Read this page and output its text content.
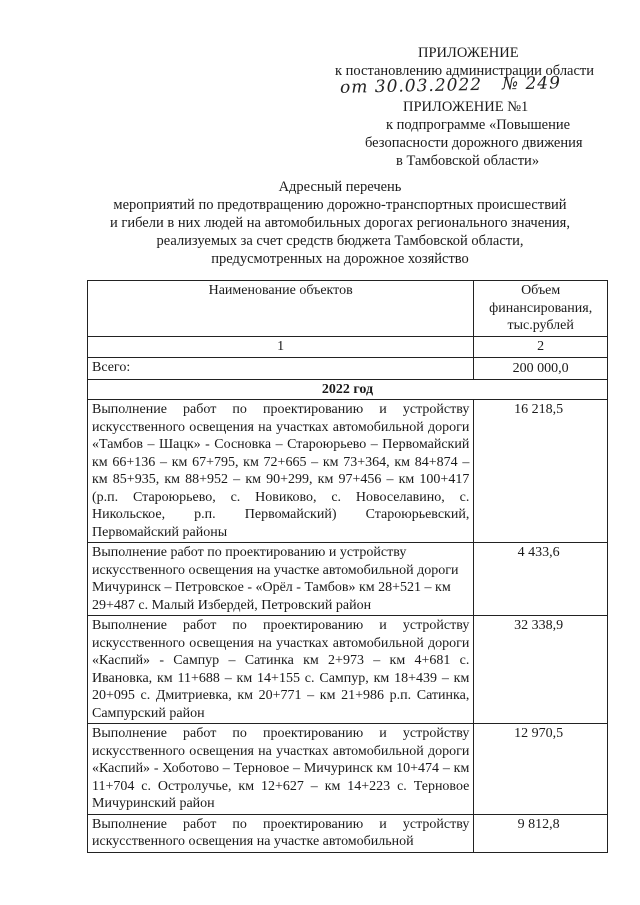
ПРИЛОЖЕНИЕ
к постановлению администрации области
от 30.03.2022 № 249
ПРИЛОЖЕНИЕ №1
к подпрограмме «Повышение
безопасности дорожного движения
в Тамбовской области»
Адресный перечень
мероприятий по предотвращению дорожно-транспортных происшествий
и гибели в них людей на автомобильных дорогах регионального значения,
реализуемых за счет средств бюджета Тамбовской области,
предусмотренных на дорожное хозяйство
Наименование объектов	Объем финансирования, тыс.рублей
1	2
Всего:	200 000,0
2022 год	
Выполнение работ по проектированию и устройству искусственного освещения на участках автомобильной дороги «Тамбов – Шацк» - Сосновка – Староюрьево – Первомайский км 66+136 – км 67+795, км 72+665 – км 73+364, км 84+874 – км 85+935, км 88+952 – км 90+299, км 97+456 – км 100+417 (р.п. Староюрьево, с. Новиково, с. Новоселавино, с. Никольское, р.п. Первомайский) Староюрьевский, Первомайский районы	16 218,5
Выполнение работ по проектированию и устройству искусственного освещения на участке автомобильной дороги Мичуринск – Петровское - «Орёл - Тамбов» км 28+521 – км 29+487 с. Малый Избердей, Петровский район	4 433,6
Выполнение работ по проектированию и устройству искусственного освещения на участках автомобильной дороги «Каспий» - Сампур – Сатинка км 2+973 – км 4+681 с. Ивановка, км 11+688 – км 14+155 с. Сампур, км 18+439 – км 20+095 с. Дмитриевка, км 20+771 – км 21+986 р.п. Сатинка, Сампурский район	32 338,9
Выполнение работ по проектированию и устройству искусственного освещения на участках автомобильной дороги «Каспий» - Хоботово – Терновое – Мичуринск км 10+474 – км 11+704 с. Остролучье, км 12+627 – км 14+223 с. Терновое Мичуринский район	12 970,5
Выполнение работ по проектированию и устройству искусственного освещения на участке автомобильной	9 812,8
